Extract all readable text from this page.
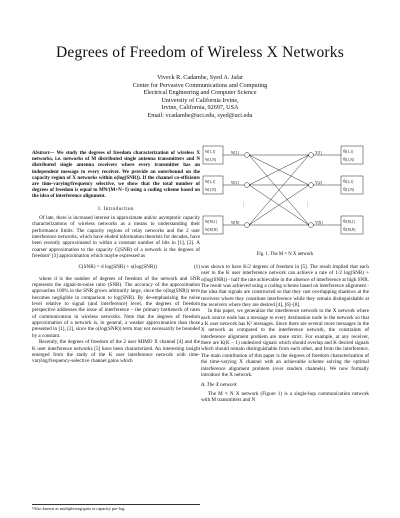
Degrees of Freedom of Wireless X Networks
Viveck R. Cadambe, Syed A. Jafar
Center for Pervasive Communications and Computing
Electrical Engineering and Computer Science
University of California Irvine,
Irvine, California, 92697, USA
Email: vcadambe@uci.edu, syed@uci.edu
Abstract— We study the degrees of freedom characterization of wireless X networks, i.e. networks of M distributed single antenna transmitters and N distributed single antenna receivers where every transmitter has an independent message to every receiver. We provide an outerbound on the capacity region of X networks within o(log(SNR)). If the channel co-efficients are time-varying/frequency selective, we show that the total number of degrees of freedom is equal to MN/(M+N−1) using a coding scheme based on the idea of interference alignment.
I. Introduction

Of late, there is increased interest in approximate and/or asymptotic capacity characterizations of wireless networks as a means to understanding their performance limits. The capacity regions of relay networks and the 2 user interference networks, which have eluded information theorists for decades, have been recently approximated to within a constant number of bits in [1], [2]. A coarser approximation to the capacity C(SNR) of a network is the degrees of freedom¹ [3] approximation which maybe expressed as

C(SNR) = d log(SNR) + o(log(SNR))	(1)

where d is the number of degrees of freedom of the network and SNR represents the signal-to-noise ratio (SNR). The accuracy of the approximation approaches 100% in the SNR grows arbitrarily large, since the o(log(SNR)) term becomes negligible in comparison to log(SNR). By de-emphasizing the noise level relative to signal (and interference) level, the degrees of freedom perspective addresses the issue of interference – the primary bottleneck of rates of communication in wireless networks. Note that the degrees of freedom approximation of a network is, in general, a weaker approximation than those presented in [1], [2], since the o(log(SNR)) term may not necessarily be bounded by a constant.

Recently, the degrees of freedom of the 2 user MIMO X channel [4] and the K user interference networks [5] have been characterized. An interesting insight emerged from the study of the K user interference network with time-varying/frequency-selective channel gains which

W[1,1]
W[1,N]
W[2,1]
W[2,N]
W[M,1]
W[M,N]
W[1]
W[2]
W[N]
Y[1]
Y[2]
Y[N]
Ŵ[1,1]
Ŵ[1,N]
Ŵ[2,1]
Ŵ[2,N]
Ŵ[M,1]
Ŵ[M,N]
⋮	⋮
Fig. 1. The M × N X network

was shown to have K/2 degrees of freedom in [5]. The result implied that each user in the K user interference network can achieve a rate of 1/2 log(SNR) + o(log(SNR)) - half the rate achievable in the absence of interference at high SNR. The result was achieved using a coding scheme based on interference alignment - the idea that signals are constructed so that they cast overlapping shadows at the receivers where they constitute interference while they remain distinguishable at the receivers where they are desired [4], [6]–[8].

In this paper, we generalize the interference network to the X network where each source node has a message to every destination node in the network so that a K user network has K² messages. Since there are several more messages in the X network as compared to the interference network, the constraints of interference alignment problem are more strict. For example, at any receiver, there are K(K − 1) undesired signals which should overlap and K desired signals which should remain distinguishable from each other, and from the interference. The main contribution of this paper is the degrees of freedom characterization of the time-varying X channel with an achievable scheme solving the optimal interference alignment problem (over random channels). We now formally introduce the X network.

A. The X network

The M × N X network (Figure 1) is a single-hop communication network with M transmitters and N

¹Also known as multiplexing-gain or capacity pre-log.
